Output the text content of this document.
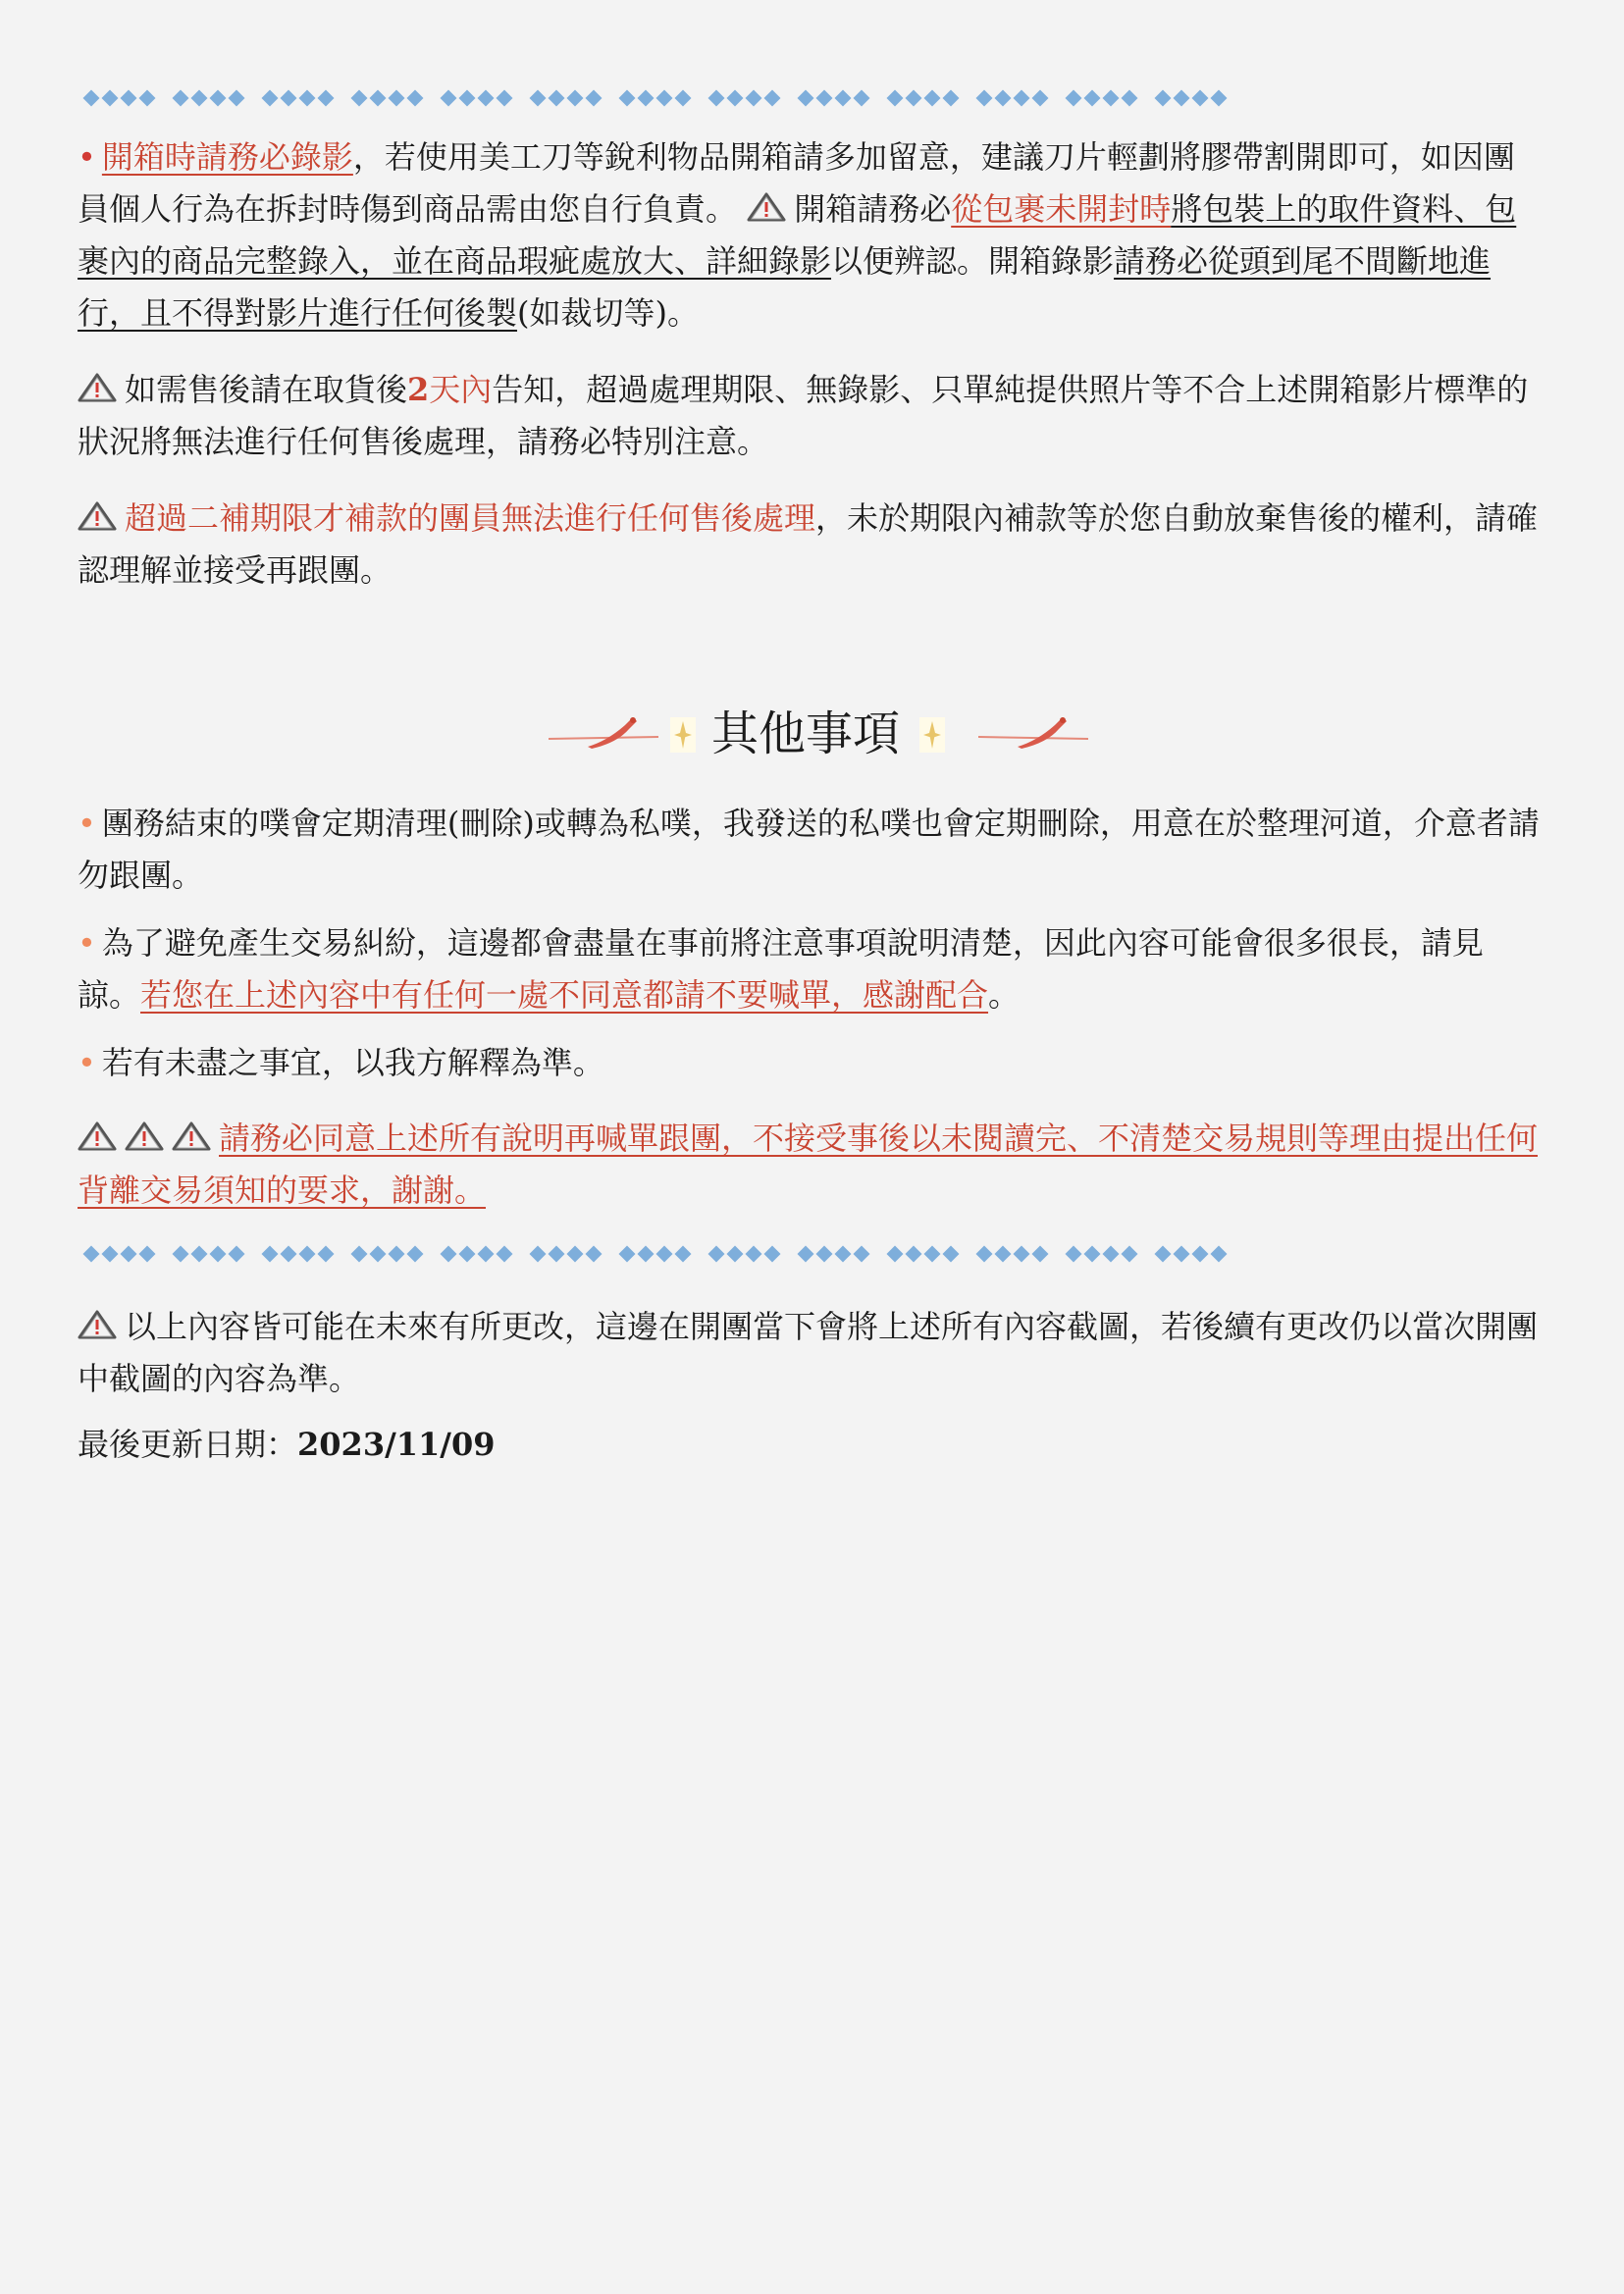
• 開箱時請務必錄影，若使用美工刀等銳利物品開箱請多加留意，建議刀片輕劃將膠帶割開即可，如因團員個人行為在拆封時傷到商品需由您自行負責。 開箱請務必從包裹未開封時將包裝上的取件資料、包裹內的商品完整錄入，並在商品瑕疵處放大、詳細錄影以便辨認。開箱錄影請務必從頭到尾不間斷地進行，且不得對影片進行任何後製(如裁切等)。

如需售後請在取貨後2天內告知，超過處理期限、無錄影、只單純提供照片等不合上述開箱影片標準的狀況將無法進行任何售後處理，請務必特別注意。

超過二補期限才補款的團員無法進行任何售後處理，未於期限內補款等於您自動放棄售後的權利，請確認理解並接受再跟團。

其他事項

• 團務結束的噗會定期清理(刪除)或轉為私噗，我發送的私噗也會定期刪除，用意在於整理河道，介意者請勿跟團。

• 為了避免產生交易糾紛，這邊都會盡量在事前將注意事項說明清楚，因此內容可能會很多很長，請見諒。若您在上述內容中有任何一處不同意都請不要喊單，感謝配合。

• 若有未盡之事宜，以我方解釋為準。

請務必同意上述所有說明再喊單跟團，不接受事後以未閱讀完、不清楚交易規則等理由提出任何背離交易須知的要求，謝謝。

以上內容皆可能在未來有所更改，這邊在開團當下會將上述所有內容截圖，若後續有更改仍以當次開團中截圖的內容為準。

最後更新日期：2023/11/09
